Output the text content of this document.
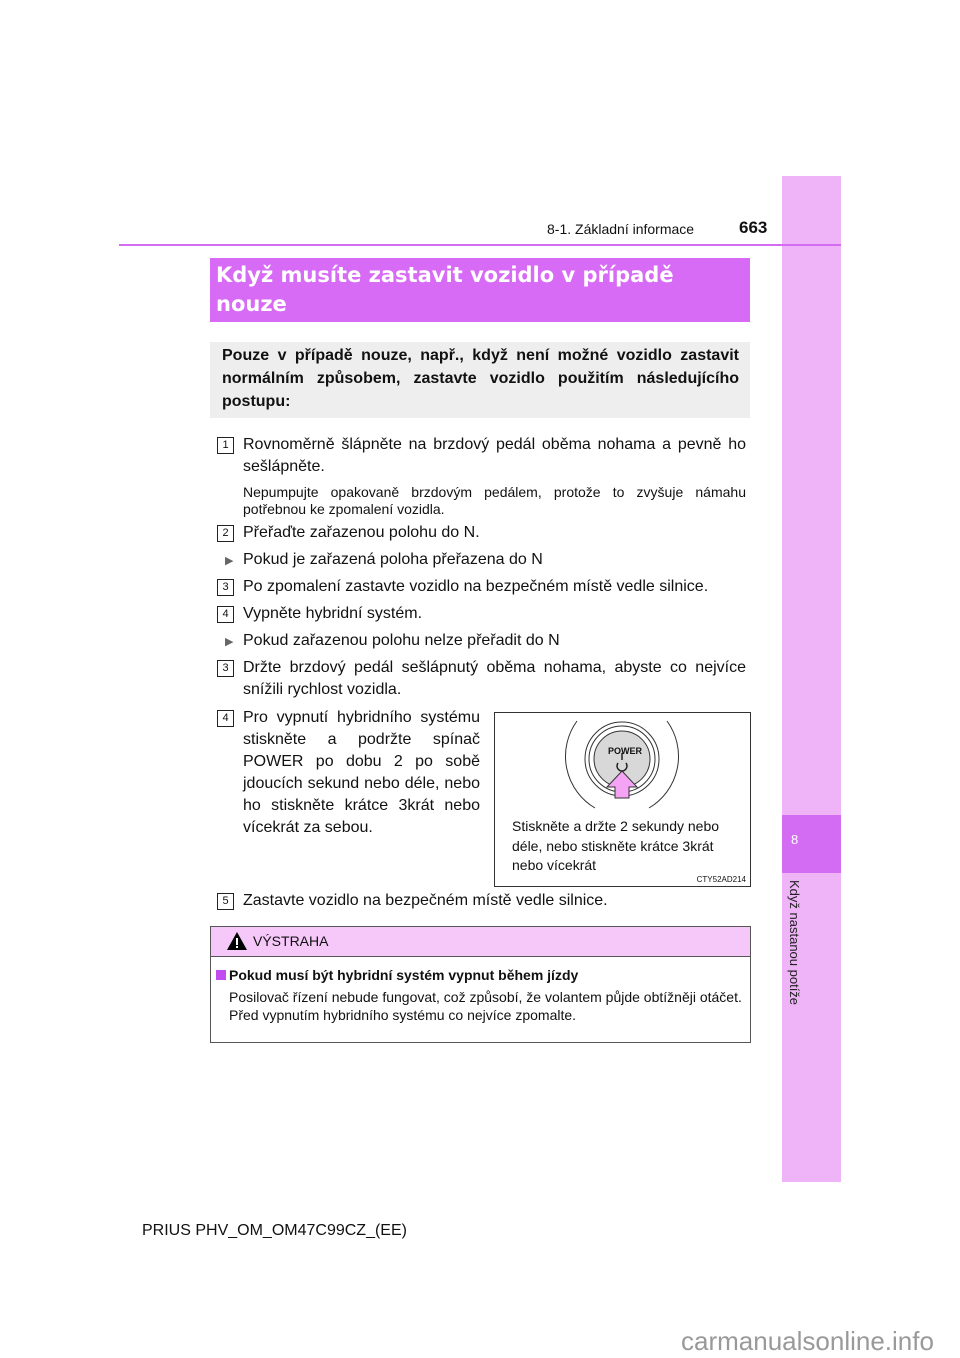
8
Když nastanou potíže
8-1. Základní informace	663
Když musíte zastavit vozidlo v případě nouze
Pouze v případě nouze, např., když není možné vozidlo zastavit normálním způsobem, zastavte vozidlo použitím následujícího postupu:
1 Rovnoměrně šlápněte na brzdový pedál oběma nohama a pevně ho sešlápněte.
Nepumpujte opakovaně brzdovým pedálem, protože to zvyšuje námahu potřebnou ke zpomalení vozidla.
2 Přeřaďte zařazenou polohu do N.
▶ Pokud je zařazená poloha přeřazena do N
3 Po zpomalení zastavte vozidlo na bezpečném místě vedle silnice.
4 Vypněte hybridní systém.
▶ Pokud zařazenou polohu nelze přeřadit do N
3 Držte brzdový pedál sešlápnutý oběma nohama, abyste co nejvíce snížili rychlost vozidla.
4 Pro vypnutí hybridního systému stiskněte a podržte spínač POWER po dobu 2 po sobě jdoucích sekund nebo déle, nebo ho stiskněte krátce 3krát nebo vícekrát za sebou.
POWER
Stiskněte a držte 2 sekundy nebo déle, nebo stiskněte krátce 3krát nebo vícekrát
CTY52AD214
5 Zastavte vozidlo na bezpečném místě vedle silnice.
VÝSTRAHA
Pokud musí být hybridní systém vypnut během jízdy
Posilovač řízení nebude fungovat, což způsobí, že volantem půjde obtížněji otáčet. Před vypnutím hybridního systému co nejvíce zpomalte.
PRIUS PHV_OM_OM47C99CZ_(EE)
carmanualsonline.info
